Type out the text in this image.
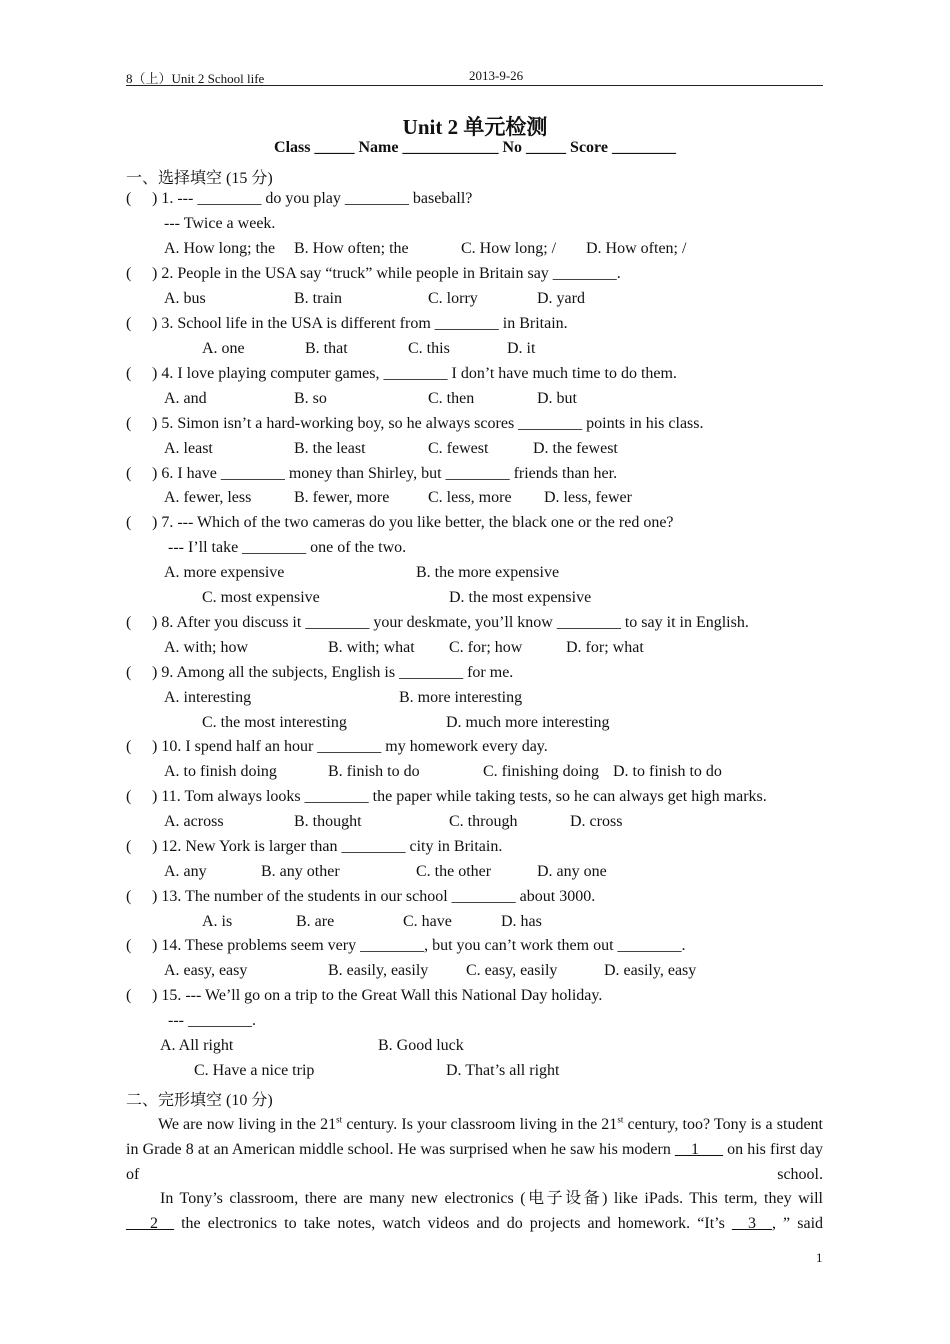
8（上）Unit 2 School life	2013-9-26
Unit 2 单元检测
Class _____ Name ____________ No _____ Score ________
一、选择填空 (15 分)
( ) 1. --- ________ do you play ________ baseball?
--- Twice a week.
A. How long; the B. How often; the	C. How long; / D. How often; /
( ) 2. People in the USA say “truck” while people in Britain say ________.
A. bus	B. train	C. lorry	D. yard
( ) 3. School life in the USA is different from ________ in Britain.
A. one	B. that	C. this	D. it
( ) 4. I love playing computer games, ________ I don’t have much time to do them.
A. and	B. so	C. then	D. but
( ) 5. Simon isn’t a hard-working boy, so he always scores ________ points in his class.
A. least	B. the least	C. fewest	D. the fewest
( ) 6. I have ________ money than Shirley, but ________ friends than her.
A. fewer, less	B. fewer, more C. less, more D. less, fewer
( ) 7. --- Which of the two cameras do you like better, the black one or the red one?
--- I’ll take ________ one of the two.
A. more expensive	B. the more expensive
C. most expensive	D. the most expensive
( ) 8. After you discuss it ________ your deskmate, you’ll know ________ to say it in English.
A. with; how	B. with; what C. for; how	D. for; what
( ) 9. Among all the subjects, English is ________ for me.
A. interesting	B. more interesting
C. the most interesting	D. much more interesting
( ) 10. I spend half an hour ________ my homework every day.
A. to finish doing	B. finish to do	C. finishing doing D. to finish to do
( ) 11. Tom always looks ________ the paper while taking tests, so he can always get high marks.
A. across	B. thought	C. through	D. cross
( ) 12. New York is larger than ________ city in Britain.
A. any	B. any other	C. the other	D. any one
( ) 13. The number of the students in our school ________ about 3000.
A. is	B. are	C. have	D. has
( ) 14. These problems seem very ________, but you can’t work them out ________.
A. easy, easy	B. easily, easily C. easy, easily	D. easily, easy
( ) 15. --- We’ll go on a trip to the Great Wall this National Day holiday.
--- ________.
A. All right	B. Good luck
C. Have a nice trip	D. That’s all right
二、完形填空 (10 分)
We are now living in the 21st century. Is your classroom living in the 21st century, too? Tony is a student in Grade 8 at an American middle school. He was surprised when he saw his modern __1___ on his first day of school.
In Tony’s classroom, there are many new electronics (电子设备) like iPads. This term, they will ___2__ the electronics to take notes, watch videos and do projects and homework. “It’s __3__, ” said
1
